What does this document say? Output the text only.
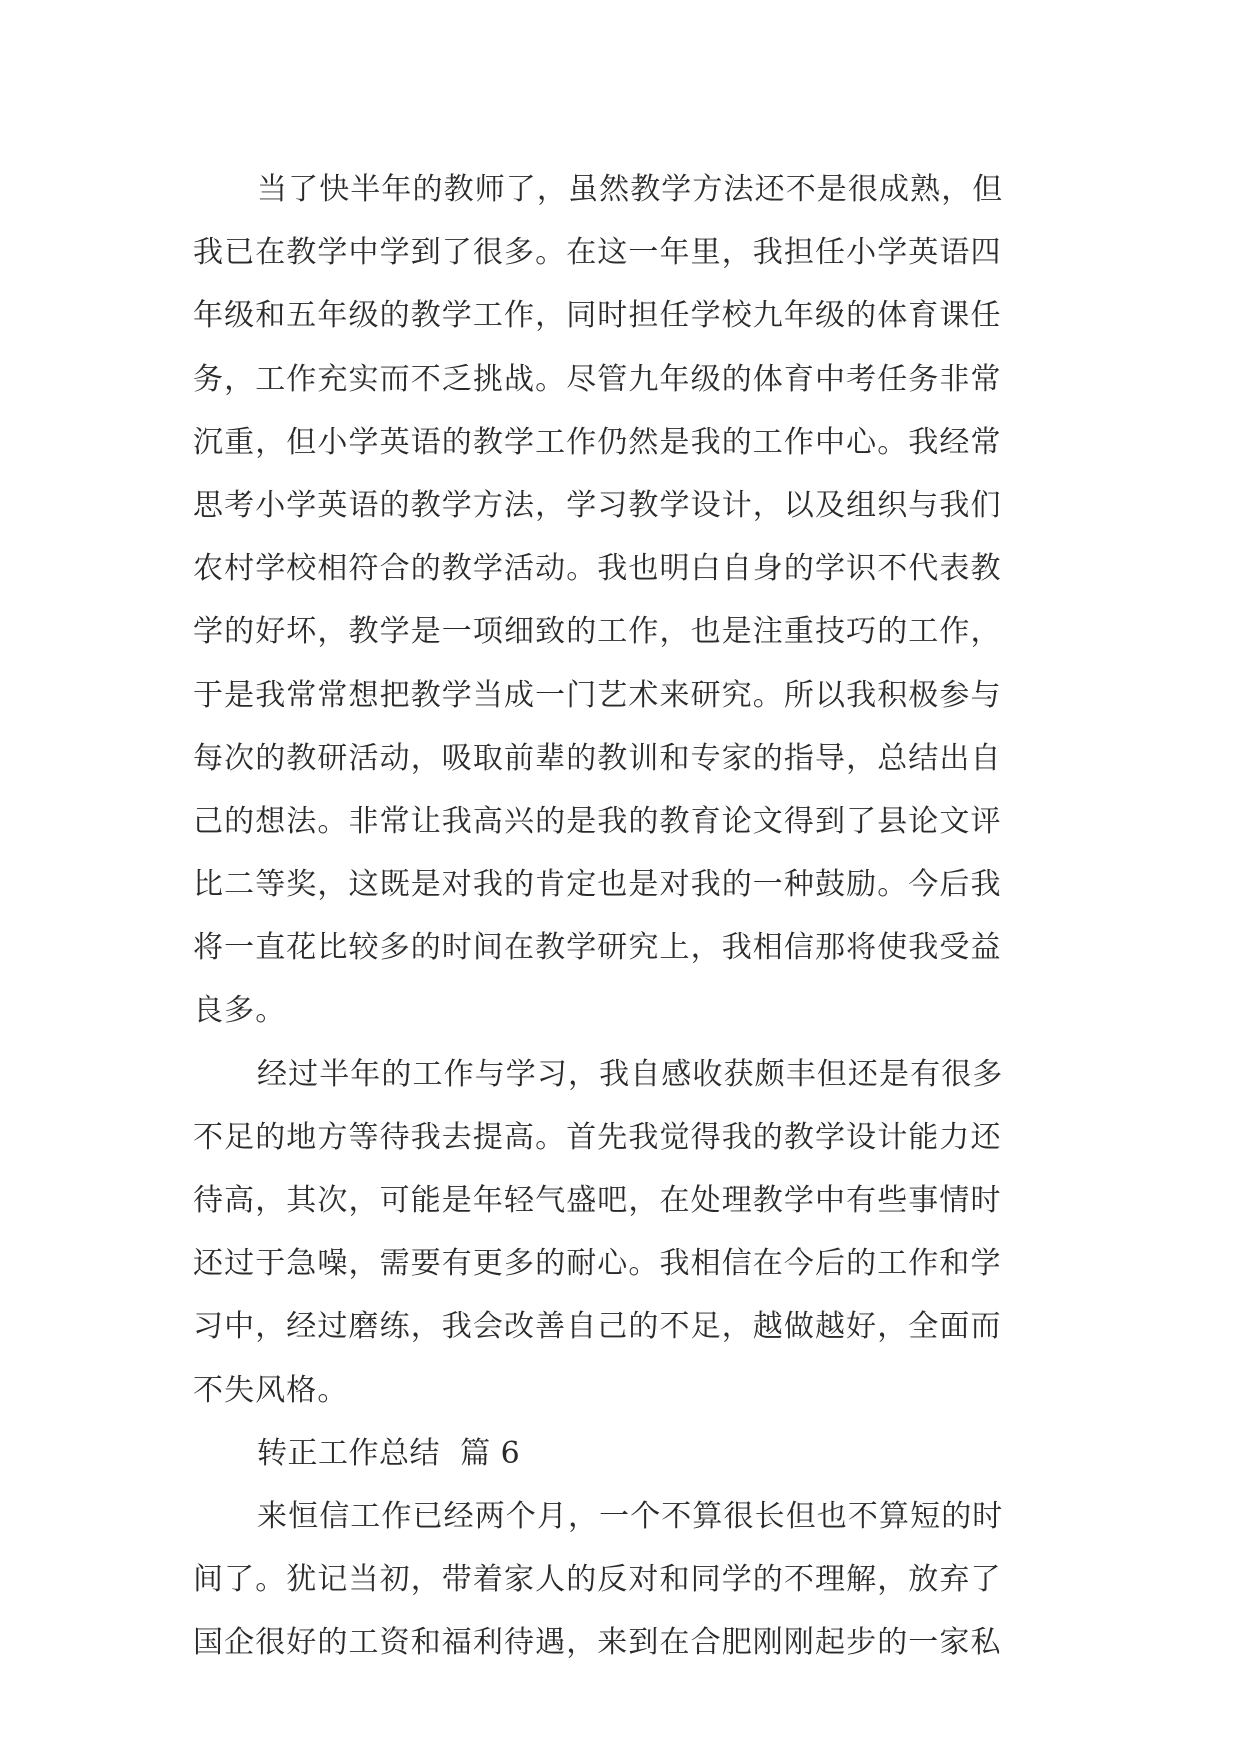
当了快半年的教师了，虽然教学方法还不是很成熟，但
我已在教学中学到了很多。在这一年里，我担任小学英语四
年级和五年级的教学工作，同时担任学校九年级的体育课任
务，工作充实而不乏挑战。尽管九年级的体育中考任务非常
沉重，但小学英语的教学工作仍然是我的工作中心。我经常
思考小学英语的教学方法，学习教学设计，以及组织与我们
农村学校相符合的教学活动。我也明白自身的学识不代表教
学的好坏，教学是一项细致的工作，也是注重技巧的工作，
于是我常常想把教学当成一门艺术来研究。所以我积极参与
每次的教研活动，吸取前辈的教训和专家的指导，总结出自
己的想法。非常让我高兴的是我的教育论文得到了县论文评
比二等奖，这既是对我的肯定也是对我的一种鼓励。今后我
将一直花比较多的时间在教学研究上，我相信那将使我受益
良多。
经过半年的工作与学习，我自感收获颇丰但还是有很多
不足的地方等待我去提高。首先我觉得我的教学设计能力还
待高，其次，可能是年轻气盛吧，在处理教学中有些事情时
还过于急噪，需要有更多的耐心。我相信在今后的工作和学
习中，经过磨练，我会改善自己的不足，越做越好，全面而
不失风格。
转正工作总结  篇 6
来恒信工作已经两个月，一个不算很长但也不算短的时
间了。犹记当初，带着家人的反对和同学的不理解，放弃了
国企很好的工资和福利待遇，来到在合肥刚刚起步的一家私
